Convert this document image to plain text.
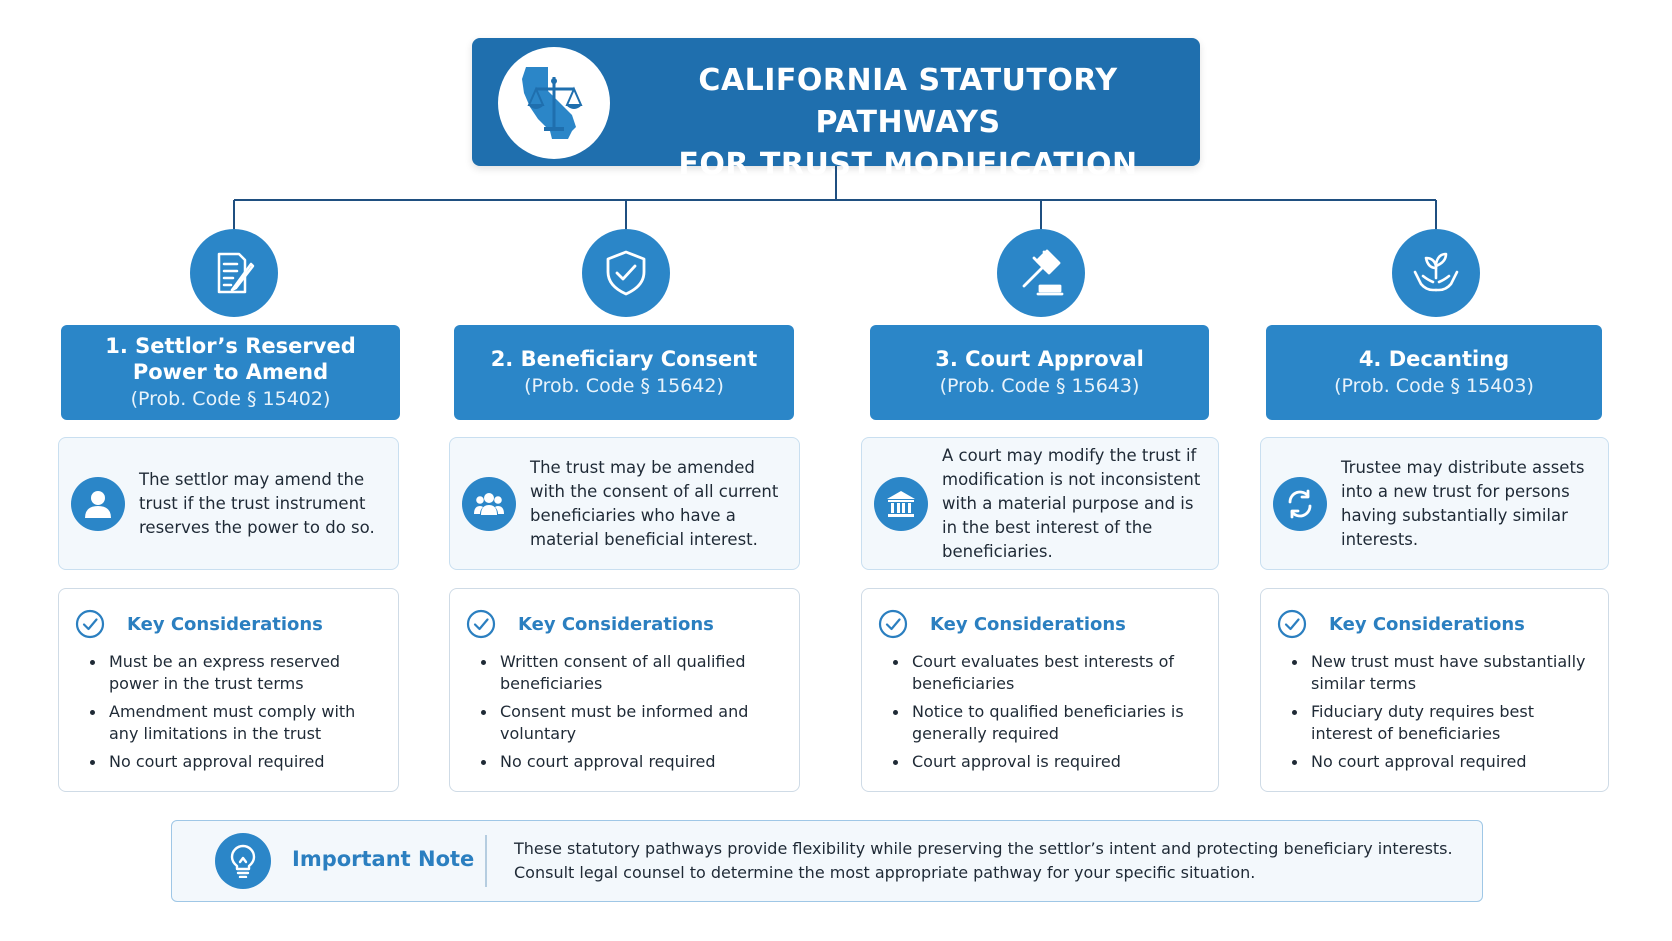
CALIFORNIA STATUTORY PATHWAYS
FOR TRUST MODIFICATION
1. Settlor’s Reserved Power to Amend
(Prob. Code § 15402)
The settlor may amend the trust if the trust instrument reserves the power to do so.
Key Considerations
Must be an express reserved power in the trust terms
Amendment must comply with any limitations in the trust
No court approval required
2. Beneficiary Consent
(Prob. Code § 15642)
The trust may be amended with the consent of all current beneficiaries who have a material beneficial interest.
Key Considerations
Written consent of all qualified beneficiaries
Consent must be informed and voluntary
No court approval required
3. Court Approval
(Prob. Code § 15643)
A court may modify the trust if modification is not inconsistent with a material purpose and is in the best interest of the beneficiaries.
Key Considerations
Court evaluates best interests of beneficiaries
Notice to qualified beneficiaries is generally required
Court approval is required
4. Decanting
(Prob. Code § 15403)
Trustee may distribute assets into a new trust for persons having substantially similar interests.
Key Considerations
New trust must have substantially similar terms
Fiduciary duty requires best interest of beneficiaries
No court approval required
Important Note These statutory pathways provide flexibility while preserving the settlor’s intent and protecting beneficiary interests.
Consult legal counsel to determine the most appropriate pathway for your specific situation.
